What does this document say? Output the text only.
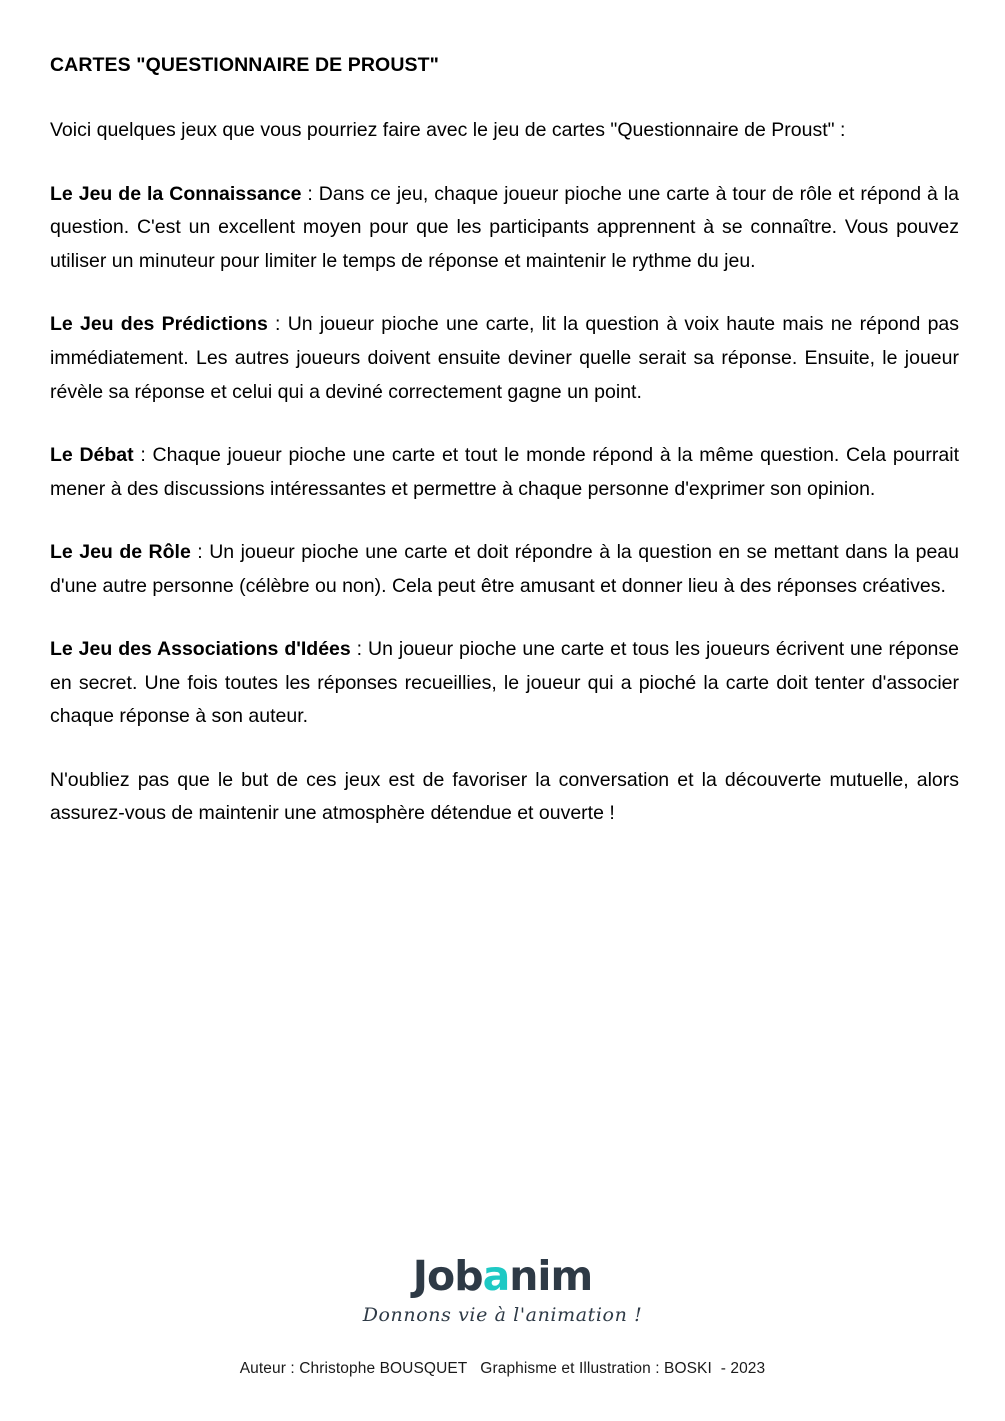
CARTES "QUESTIONNAIRE DE PROUST"

Voici quelques jeux que vous pourriez faire avec le jeu de cartes "Questionnaire de Proust" :

Le Jeu de la Connaissance : Dans ce jeu, chaque joueur pioche une carte à tour de rôle et répond à la question. C'est un excellent moyen pour que les participants apprennent à se connaître. Vous pouvez utiliser un minuteur pour limiter le temps de réponse et maintenir le rythme du jeu.

Le Jeu des Prédictions : Un joueur pioche une carte, lit la question à voix haute mais ne répond pas immédiatement. Les autres joueurs doivent ensuite deviner quelle serait sa réponse. Ensuite, le joueur révèle sa réponse et celui qui a deviné correctement gagne un point.

Le Débat : Chaque joueur pioche une carte et tout le monde répond à la même question. Cela pourrait mener à des discussions intéressantes et permettre à chaque personne d'exprimer son opinion.

Le Jeu de Rôle : Un joueur pioche une carte et doit répondre à la question en se mettant dans la peau d'une autre personne (célèbre ou non). Cela peut être amusant et donner lieu à des réponses créatives.

Le Jeu des Associations d'Idées : Un joueur pioche une carte et tous les joueurs écrivent une réponse en secret. Une fois toutes les réponses recueillies, le joueur qui a pioché la carte doit tenter d'associer chaque réponse à son auteur.

N'oubliez pas que le but de ces jeux est de favoriser la conversation et la découverte mutuelle, alors assurez-vous de maintenir une atmosphère détendue et ouverte !

Jobanim
Donnons vie à l'animation !
Auteur : Christophe BOUSQUET   Graphisme et Illustration : BOSKI  - 2023
